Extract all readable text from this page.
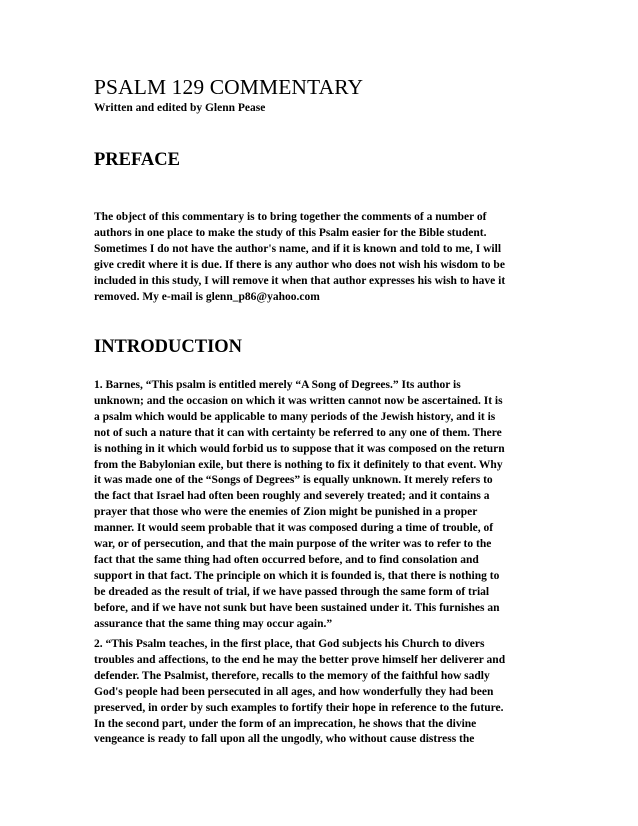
PSALM 129 COMMENTARY
Written and edited by Glenn Pease
PREFACE

The object of this commentary is to bring together the comments of a number of
authors in one place to make the study of this Psalm easier for the Bible student.
Sometimes I do not have the author's name, and if it is known and told to me, I will
give credit where it is due. If there is any author who does not wish his wisdom to be
included in this study, I will remove it when that author expresses his wish to have it
removed. My e-mail is glenn_p86@yahoo.com

INTRODUCTION

1. Barnes, “This psalm is entitled merely “A Song of Degrees.” Its author is
unknown; and the occasion on which it was written cannot now be ascertained. It is
a psalm which would be applicable to many periods of the Jewish history, and it is
not of such a nature that it can with certainty be referred to any one of them. There
is nothing in it which would forbid us to suppose that it was composed on the return
from the Babylonian exile, but there is nothing to fix it definitely to that event. Why
it was made one of the “Songs of Degrees” is equally unknown. It merely refers to
the fact that Israel had often been roughly and severely treated; and it contains a
prayer that those who were the enemies of Zion might be punished in a proper
manner. It would seem probable that it was composed during a time of trouble, of
war, or of persecution, and that the main purpose of the writer was to refer to the
fact that the same thing had often occurred before, and to find consolation and
support in that fact. The principle on which it is founded is, that there is nothing to
be dreaded as the result of trial, if we have passed through the same form of trial
before, and if we have not sunk but have been sustained under it. This furnishes an
assurance that the same thing may occur again.”

2. “This Psalm teaches, in the first place, that God subjects his Church to divers
troubles and affections, to the end he may the better prove himself her deliverer and
defender. The Psalmist, therefore, recalls to the memory of the faithful how sadly
God's people had been persecuted in all ages, and how wonderfully they had been
preserved, in order by such examples to fortify their hope in reference to the future.
In the second part, under the form of an imprecation, he shows that the divine
vengeance is ready to fall upon all the ungodly, who without cause distress the
